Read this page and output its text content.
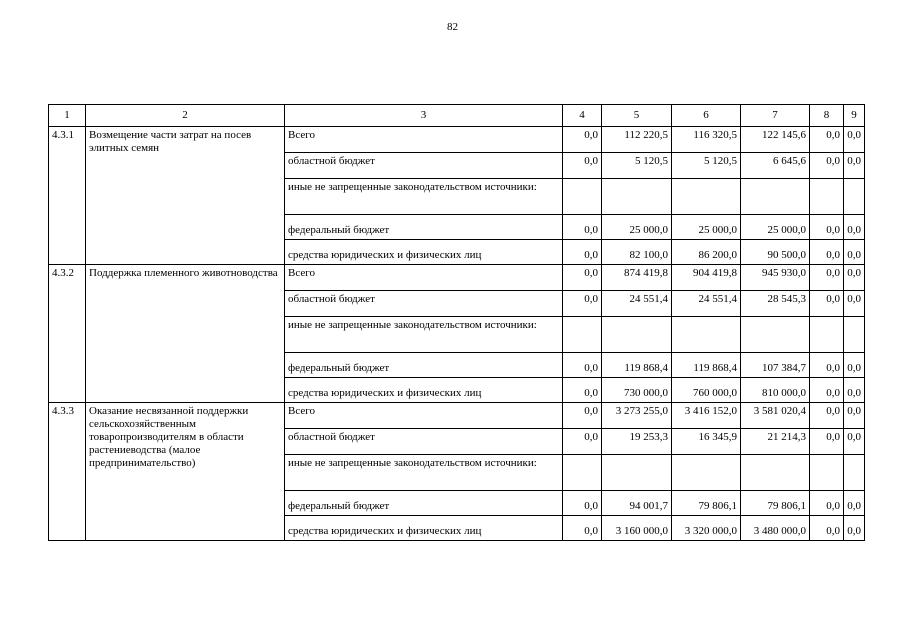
82
1	2	3	4	5	6	7	8	9
4.3.1	Возмещение части затрат на посев элитных семян	Всего	0,0	112 220,5	116 320,5	122 145,6	0,0	0,0
		областной бюджет	0,0	5 120,5	5 120,5	6 645,6	0,0	0,0
		иные не запрещенные законодательством источники:						
		федеральный бюджет	0,0	25 000,0	25 000,0	25 000,0	0,0	0,0
		средства юридических и физических лиц	0,0	82 100,0	86 200,0	90 500,0	0,0	0,0
4.3.2	Поддержка племенного животноводства	Всего	0,0	874 419,8	904 419,8	945 930,0	0,0	0,0
		областной бюджет	0,0	24 551,4	24 551,4	28 545,3	0,0	0,0
		иные не запрещенные законодательством источники:						
		федеральный бюджет	0,0	119 868,4	119 868,4	107 384,7	0,0	0,0
		средства юридических и физических лиц	0,0	730 000,0	760 000,0	810 000,0	0,0	0,0
4.3.3	Оказание несвязанной поддержки сельскохозяйственным товаропроизводителям в области растениеводства (малое предпринимательство)	Всего	0,0	3 273 255,0	3 416 152,0	3 581 020,4	0,0	0,0
		областной бюджет	0,0	19 253,3	16 345,9	21 214,3	0,0	0,0
		иные не запрещенные законодательством источники:						
		федеральный бюджет	0,0	94 001,7	79 806,1	79 806,1	0,0	0,0
		средства юридических и физических лиц	0,0	3 160 000,0	3 320 000,0	3 480 000,0	0,0	0,0
